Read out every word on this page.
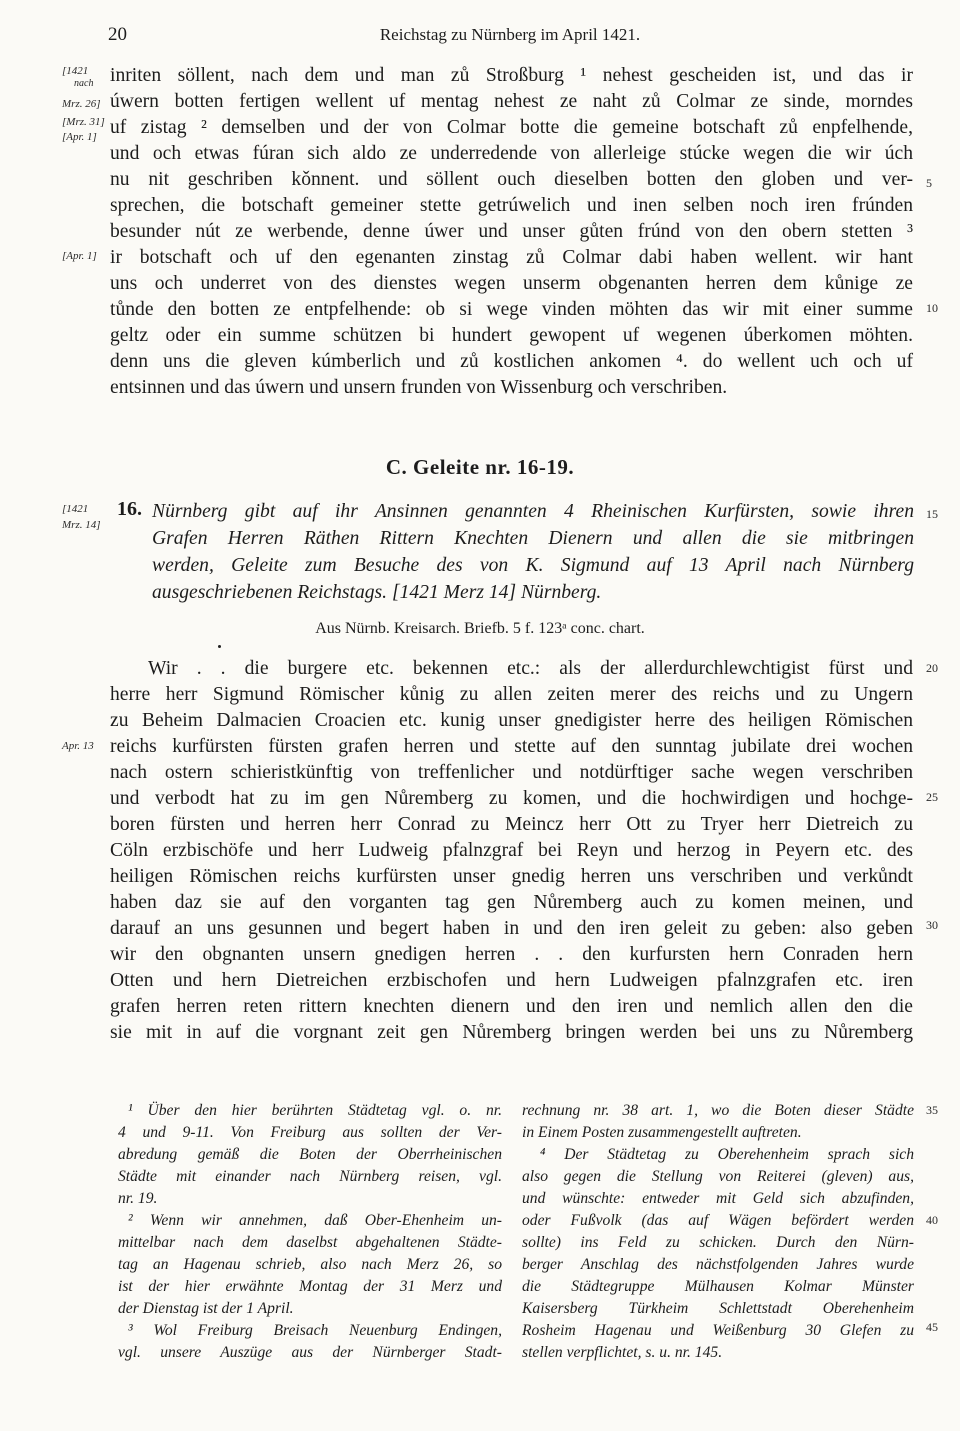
20	Reichstag zu Nürnberg im April 1421.
[1421
nach
Mrz. 26]
[Mrz. 31]
[Apr. 1]
[Apr. 1]
[1421
Mrz. 14]
Apr. 13
5
10
15
20
25
30
35
40
45
inriten söllent, nach dem und man zů Stroßburg ¹ nehest gescheiden ist, und das ir
úwern botten fertigen wellent uf mentag nehest ze naht zů Colmar ze sinde, morndes
uf zistag ² demselben und der von Colmar botte die gemeine botschaft zů enpfelhende,
und och etwas fúran sich aldo ze underredende von allerleige stúcke wegen die wir úch
nu nit geschriben kǒnnent. und söllent ouch dieselben botten den globen und ver-
sprechen, die botschaft gemeiner stette getrúwelich und inen selben noch iren frúnden
besunder nút ze werbende, denne úwer und unser gůten frúnd von den obern stetten ³
ir botschaft och uf den egenanten zinstag zů Colmar dabi haben wellent. wir hant
uns och underret von des dienstes wegen unserm obgenanten herren dem kůnige ze
tůnde den botten ze entpfelhende: ob si wege vinden möhten das wir mit einer summe
geltz oder ein summe schützen bi hundert gewopent uf wegenen úberkomen möhten.
denn uns die gleven kúmberlich und zů kostlichen ankomen ⁴. do wellent uch och uf
entsinnen und das úwern und unsern frunden von Wissenburg och verschriben.
C. Geleite nr. 16-19.
16. Nürnberg gibt auf ihr Ansinnen genannten 4 Rheinischen Kurfürsten, sowie ihren
Grafen Herren Räthen Rittern Knechten Dienern und allen die sie mitbringen
werden, Geleite zum Besuche des von K. Sigmund auf 13 April nach Nürnberg
ausgeschriebenen Reichstags. [1421 Merz 14] Nürnberg.
Aus Nürnb. Kreisarch. Briefb. 5 f. 123ᵃ conc. chart.
Wir . . die burgere etc. bekennen etc.: als der allerdurchlewchtigist fürst und
herre herr Sigmund Römischer kůnig zu allen zeiten merer des reichs und zu Ungern
zu Beheim Dalmacien Croacien etc. kunig unser gnedigister herre des heiligen Römischen
reichs kurfürsten fürsten grafen herren und stette auf den sunntag jubilate drei wochen
nach ostern schieristkünftig von treffenlicher und notdürftiger sache wegen verschriben
und verbodt hat zu im gen Nůremberg zu komen, und die hochwirdigen und hochge-
boren fürsten und herren herr Conrad zu Meincz herr Ott zu Tryer herr Dietreich zu
Cöln erzbischöfe und herr Ludweig pfalnzgraf bei Reyn und herzog in Peyern etc. des
heiligen Römischen reichs kurfürsten unser gnedig herren uns verschriben und verkůndt
haben daz sie auf den vorganten tag gen Nůremberg auch zu komen meinen, und
darauf an uns gesunnen und begert haben in und den iren geleit zu geben: also geben
wir den obgnanten unsern gnedigen herren . . den kurfursten hern Conraden hern
Otten und hern Dietreichen erzbischofen und hern Ludweigen pfalnzgrafen etc. iren
grafen herren reten rittern knechten dienern und den iren und nemlich allen den die
sie mit in auf die vorgnant zeit gen Nůremberg bringen werden bei uns zu Nůremberg
¹ Über den hier berührten Städtetag vgl. o. nr.
4 und 9-11. Von Freiburg aus sollten der Ver-
abredung gemäß die Boten der Oberrheinischen
Städte mit einander nach Nürnberg reisen, vgl.
nr. 19.
² Wenn wir annehmen, daß Ober-Ehenheim un-
mittelbar nach dem daselbst abgehaltenen Städte-
tag an Hagenau schrieb, also nach Merz 26, so
ist der hier erwähnte Montag der 31 Merz und
der Dienstag ist der 1 April.
³ Wol Freiburg Breisach Neuenburg Endingen,
vgl. unsere Auszüge aus der Nürnberger Stadt-
rechnung nr. 38 art. 1, wo die Boten dieser Städte
in Einem Posten zusammengestellt auftreten.
⁴ Der Städtetag zu Oberehenheim sprach sich
also gegen die Stellung von Reiterei (gleven) aus,
und wünschte: entweder mit Geld sich abzufinden,
oder Fußvolk (das auf Wägen befördert werden
sollte) ins Feld zu schicken. Durch den Nürn-
berger Anschlag des nächstfolgenden Jahres wurde
die Städtegruppe Mülhausen Kolmar Münster
Kaisersberg Türkheim Schlettstadt Oberehenheim
Rosheim Hagenau und Weißenburg 30 Glefen zu
stellen verpflichtet, s. u. nr. 145.
